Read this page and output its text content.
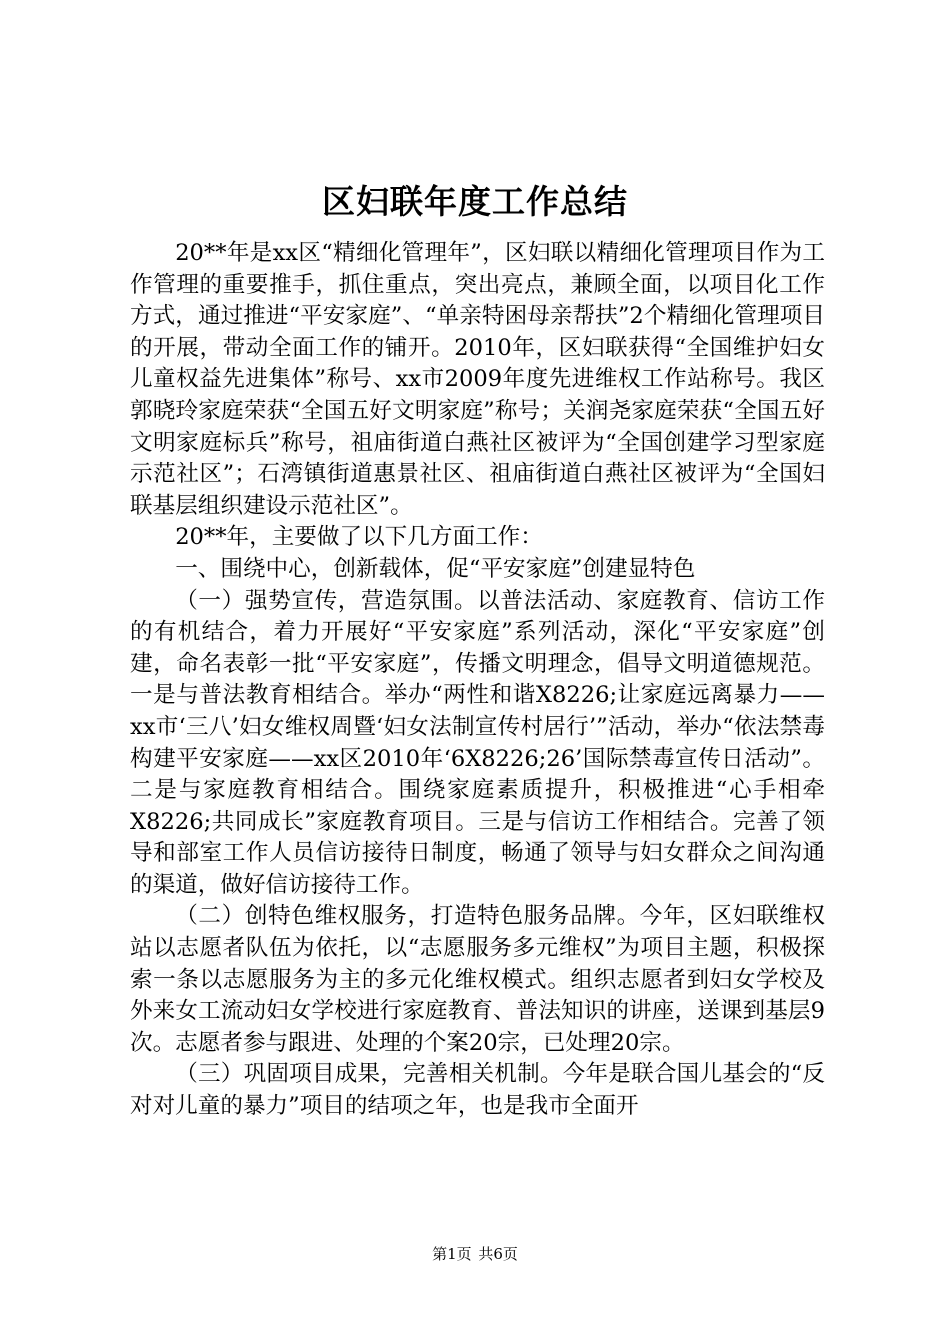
区妇联年度工作总结

20**年是xx区“精细化管理年”，区妇联以精细化管理项目作为工作管理的重要推手，抓住重点，突出亮点，兼顾全面，以项目化工作方式，通过推进“平安家庭”、“单亲特困母亲帮扶”2个精细化管理项目的开展，带动全面工作的铺开。2010年，区妇联获得“全国维护妇女儿童权益先进集体”称号、xx市2009年度先进维权工作站称号。我区郭晓玲家庭荣获“全国五好文明家庭”称号；关润尧家庭荣获“全国五好文明家庭标兵”称号，祖庙街道白燕社区被评为“全国创建学习型家庭示范社区”；石湾镇街道惠景社区、祖庙街道白燕社区被评为“全国妇联基层组织建设示范社区”。

20**年，主要做了以下几方面工作：

一、围绕中心，创新载体，促“平安家庭”创建显特色

（一）强势宣传，营造氛围。以普法活动、家庭教育、信访工作的有机结合，着力开展好“平安家庭”系列活动，深化“平安家庭”创建，命名表彰一批“平安家庭”，传播文明理念，倡导文明道德规范。一是与普法教育相结合。举办“两性和谐X8226;让家庭远离暴力——xx市‘三八’妇女维权周暨‘妇女法制宣传村居行’”活动，举办“依法禁毒构建平安家庭——xx区2010年‘6X8226;26’国际禁毒宣传日活动”。二是与家庭教育相结合。围绕家庭素质提升，积极推进“心手相牵X8226;共同成长”家庭教育项目。三是与信访工作相结合。完善了领导和部室工作人员信访接待日制度，畅通了领导与妇女群众之间沟通的渠道，做好信访接待工作。

（二）创特色维权服务，打造特色服务品牌。今年，区妇联维权站以志愿者队伍为依托，以“志愿服务多元维权”为项目主题，积极探索一条以志愿服务为主的多元化维权模式。组织志愿者到妇女学校及外来女工流动妇女学校进行家庭教育、普法知识的讲座，送课到基层9次。志愿者参与跟进、处理的个案20宗，已处理20宗。

（三）巩固项目成果，完善相关机制。今年是联合国儿基会的“反对对儿童的暴力”项目的结项之年，也是我市全面开

第1页 共6页
